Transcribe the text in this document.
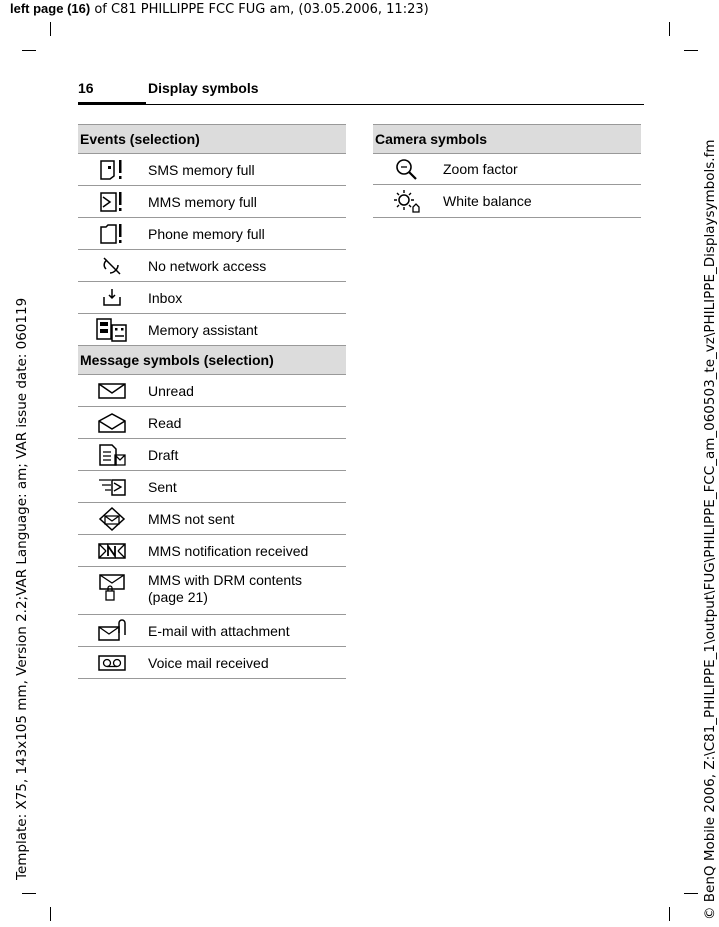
left page (16) of C81 PHILLIPPE FCC FUG am, (03.05.2006, 11:23)
Template: X75, 143x105 mm, Version 2.2;VAR Language: am; VAR issue date: 060119	© BenQ Mobile 2006, Z:\C81_PHILIPPE_1\output\FUG\PHILIPPE_FCC_am_060503_te_vz\PHILIPPE_Displaysymbols.fm
16	Display symbols
Events (selection)	

	SMS memory full

	MMS memory full

	Phone memory full

	No network access

	Inbox

	Memory assistant
Message symbols (selection)	

	Unread

	Read

	Draft

	Sent

	MMS not sent

	MMS notification received

MMS with DRM contents
(page 21)

	E-mail with attachment

	Voice mail received
Camera symbols	

	Zoom factor

	White balance
